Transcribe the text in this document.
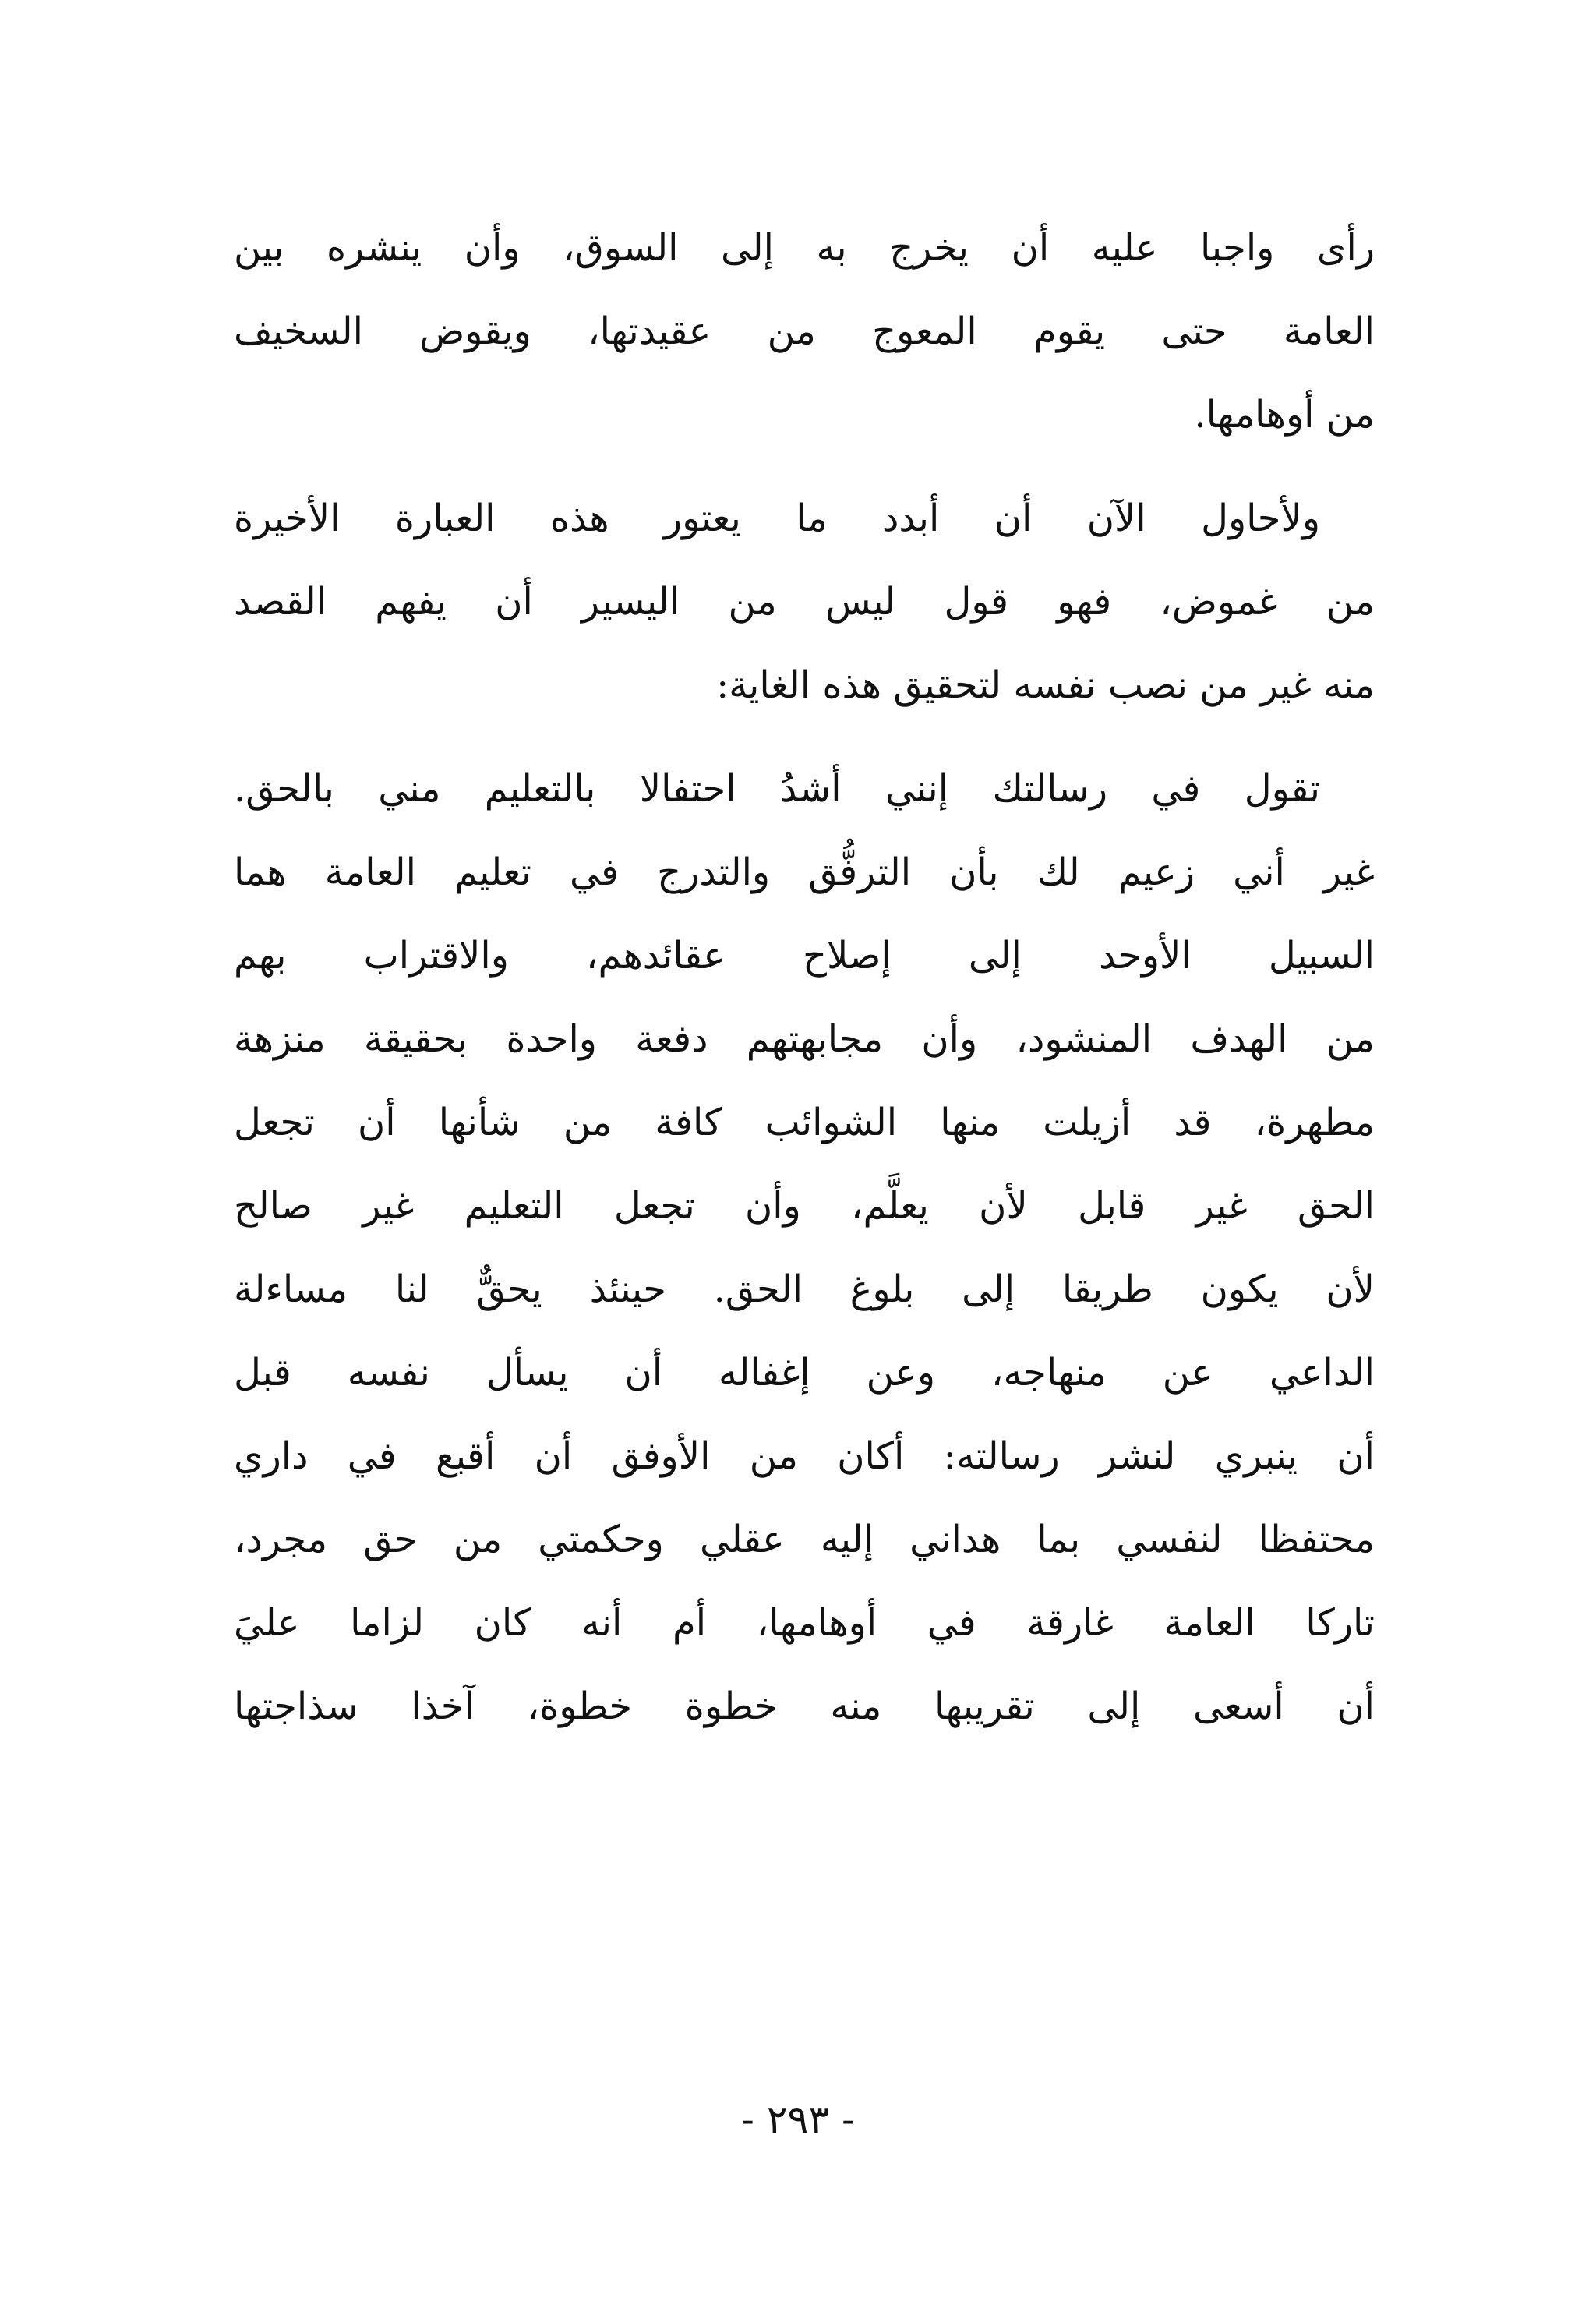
رأى واجبا عليه أن يخرج به إلى السوق، وأن ينشره بين
العامة حتى يقوم المعوج من عقيدتها، ويقوض السخيف
من أوهامها.

ولأحاول الآن أن أبدد ما يعتور هذه العبارة الأخيرة
من غموض، فهو قول ليس من اليسير أن يفهم القصد
منه غير من نصب نفسه لتحقيق هذه الغاية:

تقول في رسالتك إنني أشدُ احتفالا بالتعليم مني بالحق.
غير أني زعيم لك بأن الترفُّق والتدرج في تعليم العامة هما
السبيل الأوحد إلى إصلاح عقائدهم، والاقتراب بهم
من الهدف المنشود، وأن مجابهتهم دفعة واحدة بحقيقة منزهة
مطهرة، قد أزيلت منها الشوائب كافة من شأنها أن تجعل
الحق غير قابل لأن يعلَّم، وأن تجعل التعليم غير صالح
لأن يكون طريقا إلى بلوغ الحق. حينئذ يحقٌّ لنا مساءلة
الداعي عن منهاجه، وعن إغفاله أن يسأل نفسه قبل
أن ينبري لنشر رسالته: أكان من الأوفق أن أقبع في داري
محتفظا لنفسي بما هداني إليه عقلي وحكمتي من حق مجرد،
تاركا العامة غارقة في أوهامها، أم أنه كان لزاما عليَ
أن أسعى إلى تقريبها منه خطوة خطوة، آخذا سذاجتها

- ٢٩٣ -
